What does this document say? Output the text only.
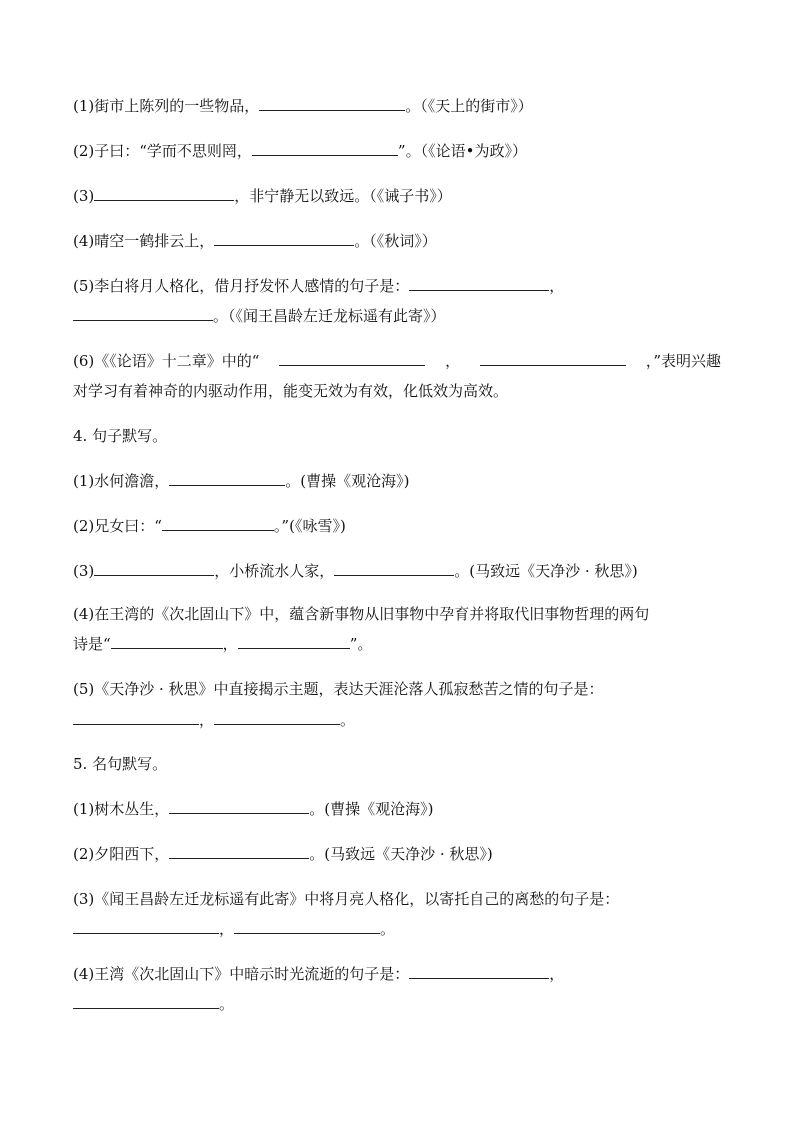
(1)街市上陈列的一些物品，	。（《天上的街市》）
(2)子曰：“学而不思则罔，	”。（《论语•为政》）
(3)	，非宁静无以致远。（《诫子书》）
(4)晴空一鹤排云上，	。（《秋词》）
(5)李白将月人格化，借月抒发怀人感情的句子是：	，
。（《闻王昌龄左迁龙标遥有此寄》）
(6)《《论语》十二章》中的“	，	，”表明兴趣
对学习有着神奇的内驱动作用，能变无效为有效，化低效为高效。
4. 句子默写。
(1)水何澹澹，	。(曹操《观沧海》)
(2)兄女曰：“	。”(《咏雪》)
(3)	，小桥流水人家，	。(马致远《天净沙 · 秋思》)
(4)在王湾的《次北固山下》中，蕴含新事物从旧事物中孕育并将取代旧事物哲理的两句
诗是“	，	”。
(5)《天净沙 · 秋思》中直接揭示主题，表达天涯沦落人孤寂愁苦之情的句子是：
，	。
5. 名句默写。
(1)树木丛生，	。(曹操《观沧海》)
(2)夕阳西下，	。(马致远《天净沙 · 秋思》)
(3)《闻王昌龄左迁龙标遥有此寄》中将月亮人格化，以寄托自己的离愁的句子是：
，	。
(4)王湾《次北固山下》中暗示时光流逝的句子是：	，
。
